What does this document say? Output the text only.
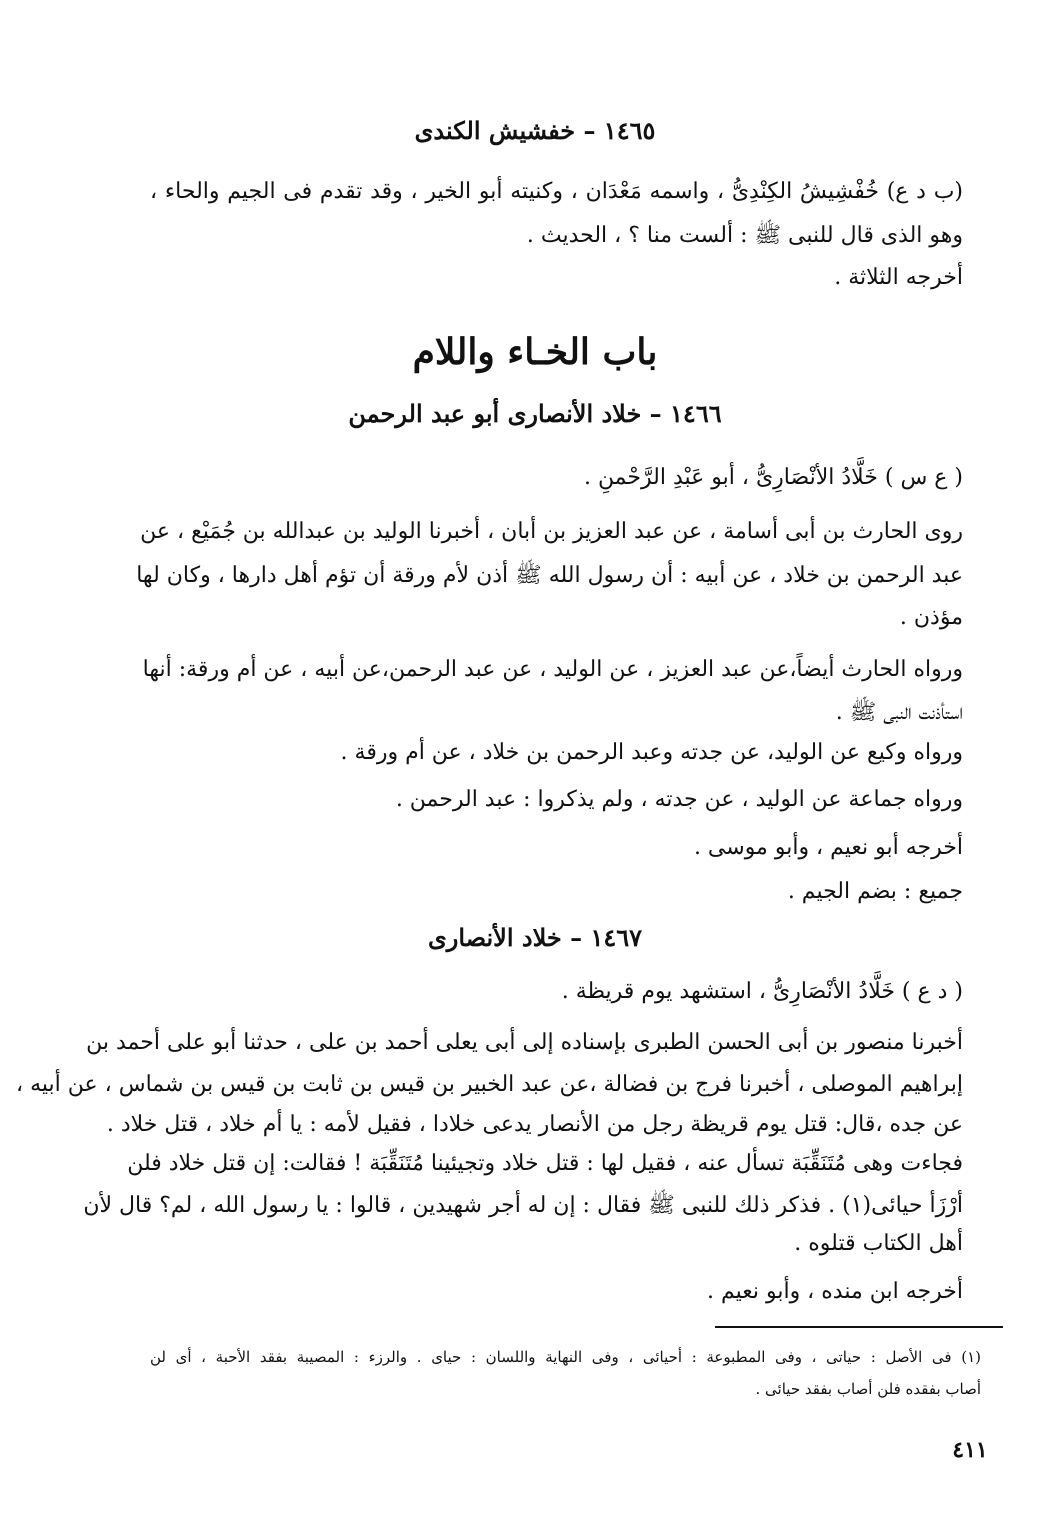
١٤٦٥ – خفشيش الكندى
(ب د ع) خُفْشِيشُ الكِنْدِىُّ ، واسمه مَعْدَان ، وكنيته أبو الخير ، وقد تقدم فى الجيم والحاء ،
وهو الذى قال للنبى ﷺ : ألست منا ؟ ، الحديث .
أخرجه الثلاثة .
باب الخـاء واللام
١٤٦٦ – خلاد الأنصارى أبو عبد الرحمن
( ع س ) خَلَّادُ الأنْصَارِىُّ ، أبو عَبْدِ الرَّحْمنِ .
روى الحارث بن أبى أسامة ، عن عبد العزيز بن أبان ، أخبرنا الوليد بن عبدالله بن جُمَيْع ، عن
عبد الرحمن بن خلاد ، عن أبيه : أن رسول الله ﷺ أذن لأم ورقة أن تؤم أهل دارها ، وكان لها
مؤذن .
ورواه الحارث أيضاً،عن عبد العزيز ، عن الوليد ، عن عبد الرحمن،عن أبيه ، عن أم ورقة: أنها
استأذنت النبى ﷺ .
ورواه وكيع عن الوليد، عن جدته وعبد الرحمن بن خلاد ، عن أم ورقة .
ورواه جماعة عن الوليد ، عن جدته ، ولم يذكروا : عبد الرحمن .
أخرجه أبو نعيم ، وأبو موسى .
جميع : بضم الجيم .
١٤٦٧ – خلاد الأنصارى
( د ع ) خَلَّادُ الأنْصَارِىُّ ، استشهد يوم قريظة .
أخبرنا منصور بن أبى الحسن الطبرى بإسناده إلى أبى يعلى أحمد بن على ، حدثنا أبو على أحمد بن
إبراهيم الموصلى ، أخبرنا فرج بن فضالة ،عن عبد الخبير بن قيس بن ثابت بن قيس بن شماس ، عن أبيه ،
عن جده ،قال: قتل يوم قريظة رجل من الأنصار يدعى خلادا ، فقيل لأمه : يا أم خلاد ، قتل خلاد .
فجاءت وهى مُتَنَقِّبَة تسأل عنه ، فقيل لها : قتل خلاد وتجيئينا مُتَنَقِّبَة ! فقالت: إن قتل خلاد فلن
أرْزَأ حيائى(١) . فذكر ذلك للنبى ﷺ فقال : إن له أجر شهيدين ، قالوا : يا رسول الله ، لم؟ قال لأن
أهل الكتاب قتلوه .
أخرجه ابن منده ، وأبو نعيم .
(١) فى الأصل : حياتى ، وفى المطبوعة : أحيائى ، وفى النهاية واللسان : حياى . والرزء : المصيبة بفقد الأحبة ، أى لن
أصاب بفقده فلن أصاب بفقد حيائى .
٤١١
